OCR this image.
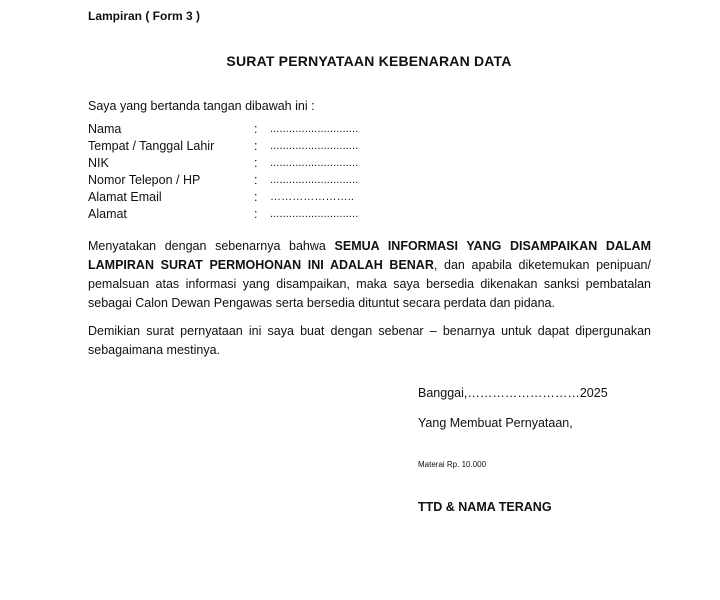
Lampiran ( Form 3 )
SURAT PERNYATAAN KEBENARAN DATA
Saya yang bertanda tangan dibawah ini :
Nama	: ............................
Tempat / Tanggal Lahir	: ............................
NIK	: ............................
Nomor Telepon / HP	: ............................
Alamat Email	: …………………..
Alamat	: ............................
Menyatakan dengan sebenarnya bahwa SEMUA INFORMASI YANG DISAMPAIKAN DALAM
LAMPIRAN SURAT PERMOHONAN INI ADALAH BENAR, dan apabila diketemukan penipuan/
pemalsuan atas informasi yang disampaikan, maka saya bersedia dikenakan sanksi pembatalan
sebagai Calon Dewan Pengawas serta bersedia dituntut secara perdata dan pidana.
Demikian surat pernyataan ini saya buat dengan sebenar – benarnya untuk dapat dipergunakan
sebagaimana mestinya.
Banggai,………………………2025
Yang Membuat Pernyataan,
Materai Rp. 10.000
TTD & NAMA TERANG
